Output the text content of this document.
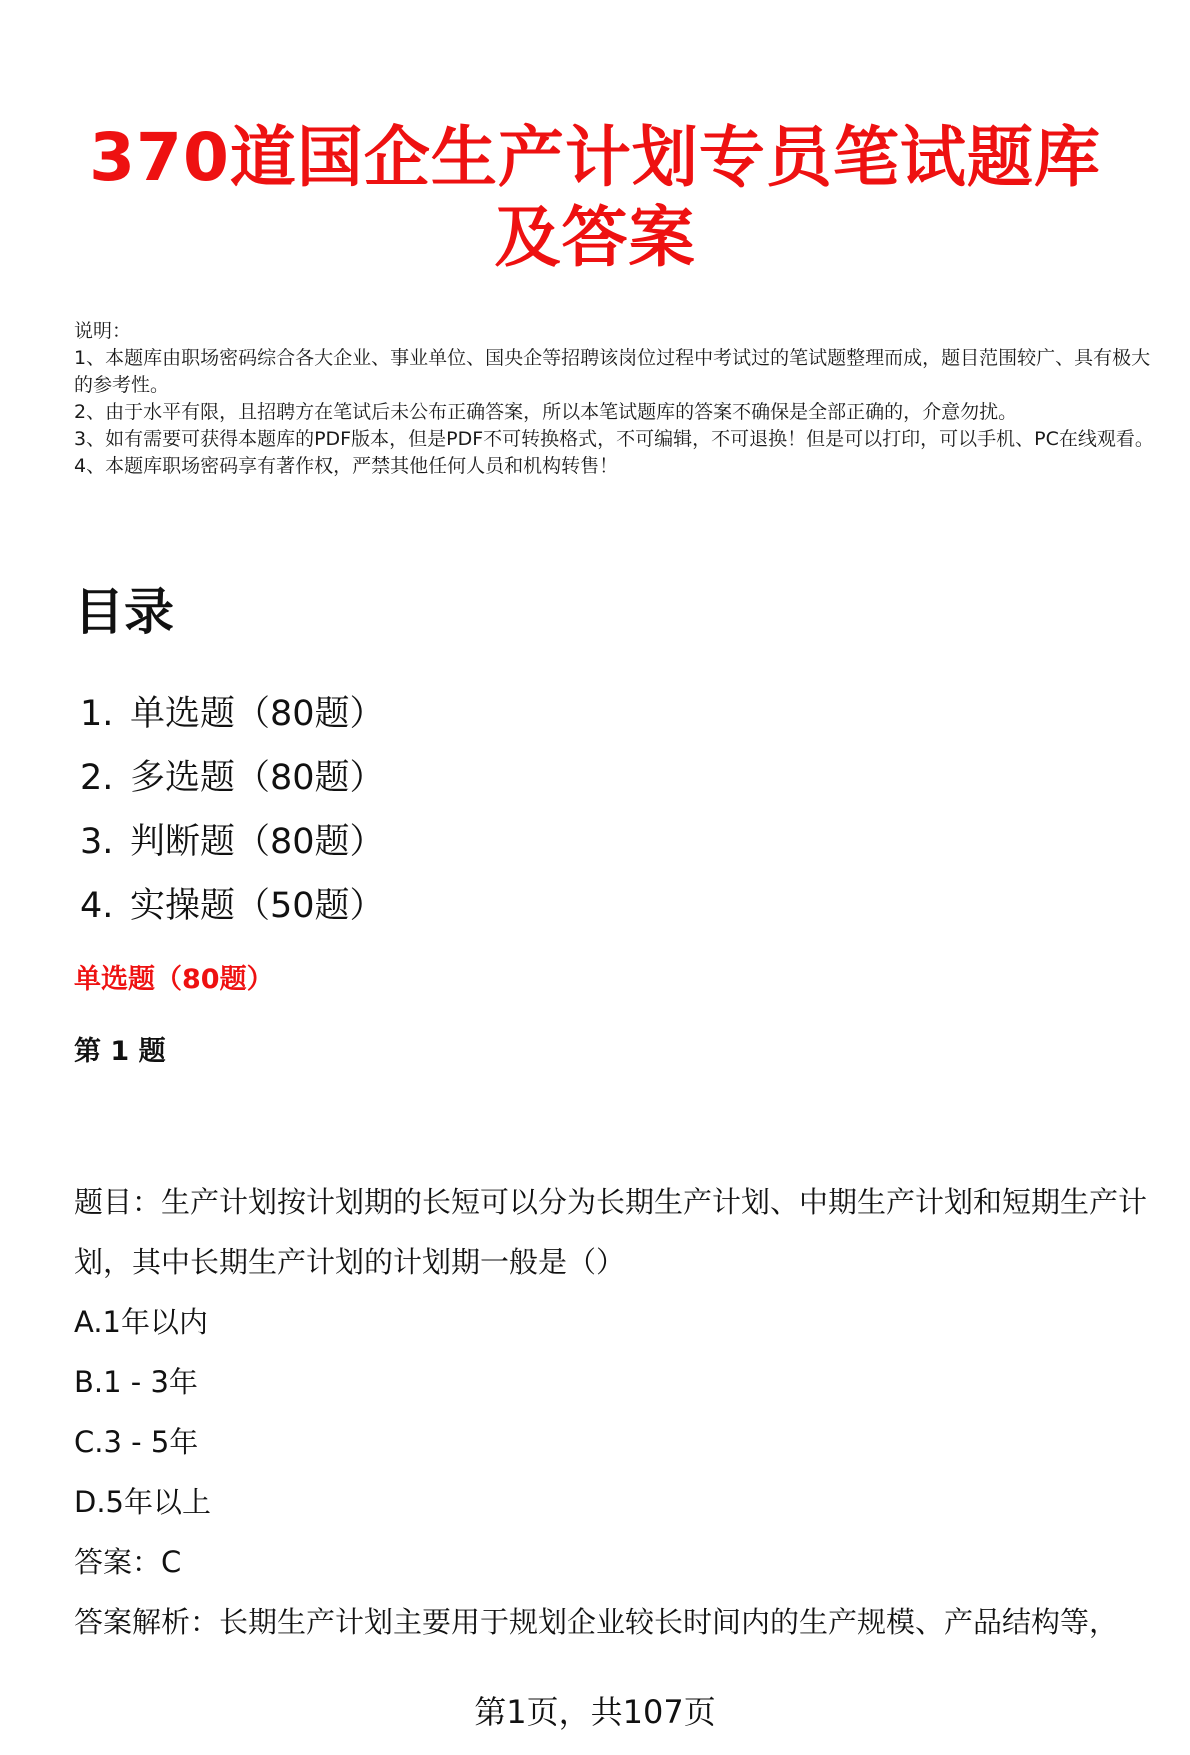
370道国企生产计划专员笔试题库及答案

说明：

1、本题库由职场密码综合各大企业、事业单位、国央企等招聘该岗位过程中考试过的笔试题整理而成，题目范围较广、具有极大的参考性。

2、由于水平有限，且招聘方在笔试后未公布正确答案，所以本笔试题库的答案不确保是全部正确的，介意勿扰。

3、如有需要可获得本题库的PDF版本，但是PDF不可转换格式，不可编辑，不可退换！但是可以打印，可以手机、PC在线观看。

4、本题库职场密码享有著作权，严禁其他任何人员和机构转售！

目录
1. 单选题（80题）
2. 多选题（80题）
3. 判断题（80题）
4. 实操题（50题）
单选题（80题）
第 1 题

题目：生产计划按计划期的长短可以分为长期生产计划、中期生产计划和短期生产计划，其中长期生产计划的计划期一般是（）

A.1年以内

B.1 - 3年

C.3 - 5年

D.5年以上

答案：C

答案解析：长期生产计划主要用于规划企业较长时间内的生产规模、产品结构等，

第1页，共107页
